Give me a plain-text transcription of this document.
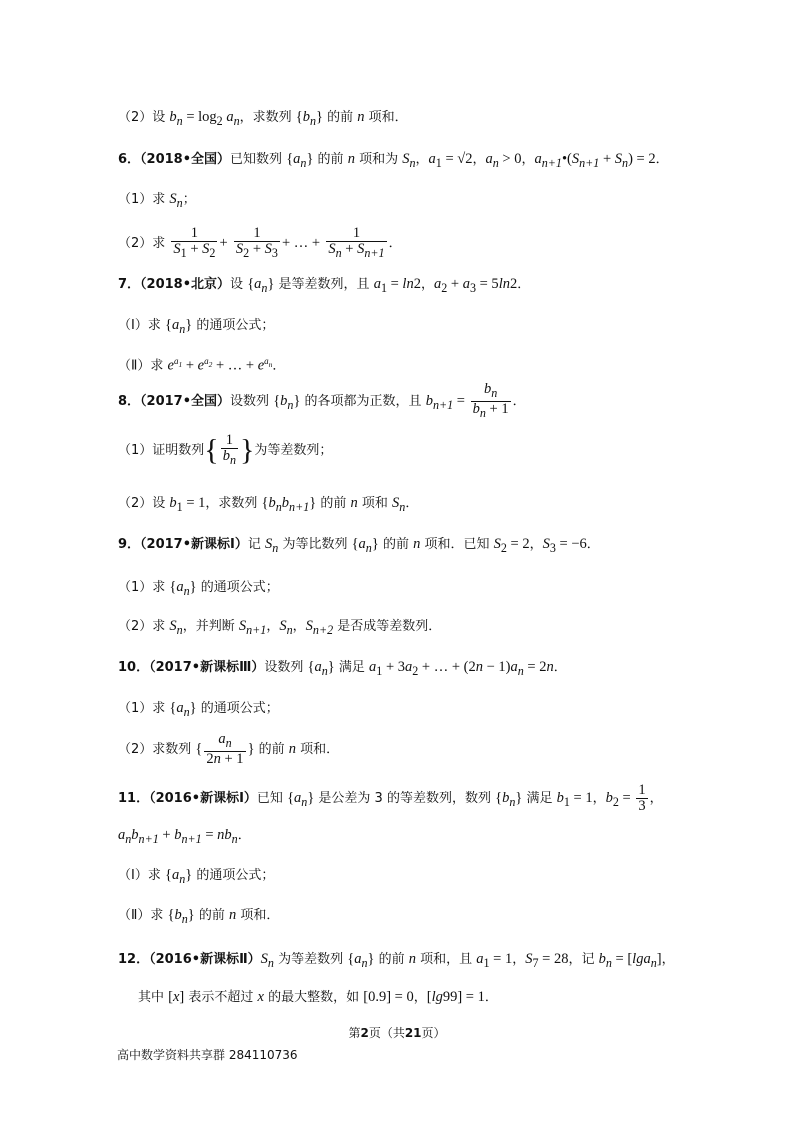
（2）设 $b_n = \log_2 a_n$，求数列 $\{b_n\}$ 的前 n 项和．
6．（2018•全国）已知数列 $\{a_n\}$ 的前 n 项和为 $S_n$，$a_1 = √2$，$a_n > 0$，$a_{n+1}•(S_{n+1} + S_n) = 2$．
（1）求 $S_n$；
（2）求 $\frac{1}{S_1 + S_2} + \frac{1}{S_2 + S_3}$ + … + $\frac{1}{S_n + S_{n+1}}$ ．
7．（2018•北京）设 $\{a_n\}$ 是等差数列，且 $a_1 = \ln 2$，$a_2 + a_3 = 5\ln 2$．
（Ⅰ）求 $\{a_n\}$ 的通项公式；
（Ⅱ）求 $e^{a_1} + e^{a_2}$ + … + $e^{a_n}$．
8．（2017•全国）设数列 $\{b_n\}$ 的各项都为正数，且 $b_{n+1} = \frac{b_n}{b_n + 1}$ ．
（1）证明数列{ $\frac{1}{b_n}$ }为等差数列；
（2）设 $b_1 = 1$，求数列 $\{b_nb_{n+1}\}$ 的前 n 项和 $S_n$．
9．（2017•新课标Ⅰ）记 $S_n$ 为等比数列 $\{a_n\}$ 的前 n 项和．已知 $S_2 = 2$，$S_3 = -6$．
（1）求 $\{a_n\}$ 的通项公式；
（2）求 $S_n$，并判断 $S_{n+1}$，$S_n$，$S_{n+2}$ 是否成等差数列．
10．（2017•新课标Ⅲ）设数列 $\{a_n\}$ 满足 $a_1 + 3a_2$ + … + $(2n - 1)a_n = 2n$．
（1）求 $\{a_n\}$ 的通项公式；
（2）求数列 { $\frac{a_n}{2n + 1}$ } 的前 n 项和．
11．（2016•新课标Ⅰ）已知 $\{a_n\}$ 是公差为 3 的等差数列，数列 $\{b_n\}$ 满足 $b_1 = 1$，$b_2 = \frac{1}{3}$ ，
$a_nb_{n+1} + b_{n+1} = nb_n$．
（Ⅰ）求 $\{a_n\}$ 的通项公式；
（Ⅱ）求 $\{b_n\}$ 的前 n 项和．
12．（2016•新课标$Ⅱ)S_n$ 为等差数列 $\{a_n\}$ 的前 n 项和，且 $a_1 = 1$，$S_7 = 28$，记 $b_n = [\lg a_n]$，
其中 [x] 表示不超过 x 的最大整数，如 [0.9] = 0，[lg99] = 1．
第2页（共21页）
高中数学资料共享群 284110736
